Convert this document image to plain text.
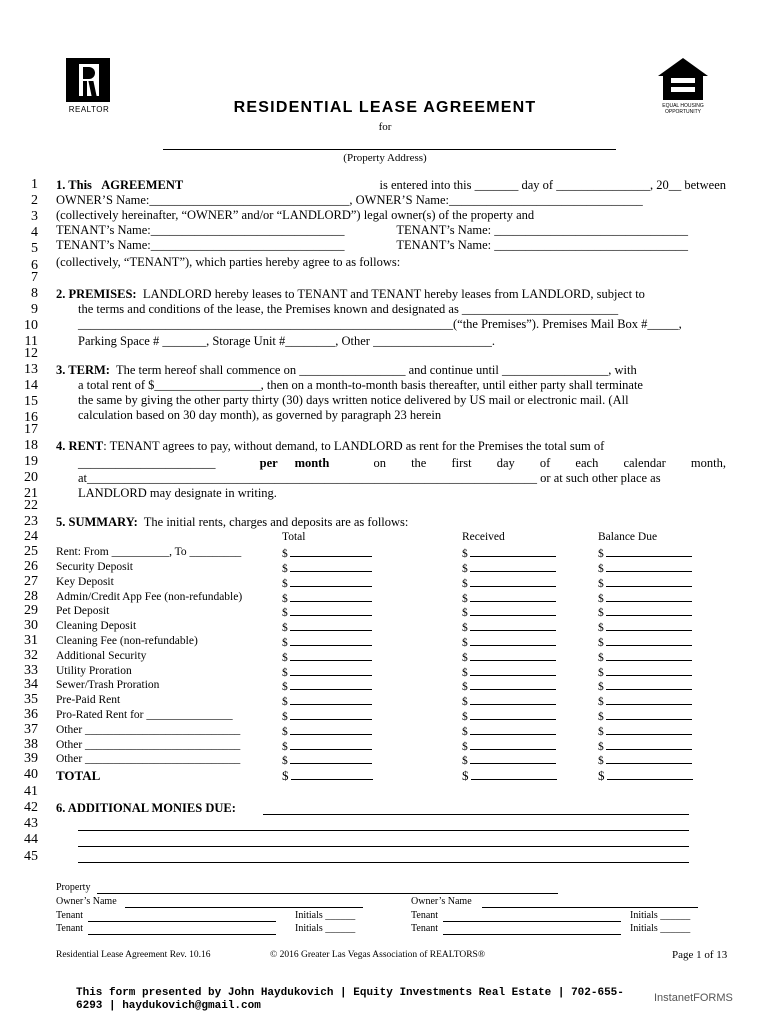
REALTOR	EQUAL HOUSING OPPORTUNITY
RESIDENTIAL LEASE AGREEMENT
for
(Property Address)
1
2
3
4
5
6
7
8
9
10
11
12
13
14
15
16
17
18
19
20
21
22
23
24
25
26
27
28
29
30
31
32
33
34
35
36
37
38
39
40
41
42
43
44
45
1. This AGREEMENT	is entered into this _______ day of _______________, 20__ between
OWNER’S Name:________________________________, OWNER’S Name:_______________________________
(collectively hereinafter, “OWNER” and/or “LANDLORD”) legal owner(s) of the property and
TENANT’s Name:_______________________________	TENANT’s Name: _______________________________
TENANT’s Name:_______________________________	TENANT’s Name: _______________________________
(collectively, “TENANT”), which parties hereby agree to as follows:
2. PREMISES: LANDLORD hereby leases to TENANT and TENANT hereby leases from LANDLORD, subject to
the terms and conditions of the lease, the Premises known and designated as _________________________
____________________________________________________________(“the Premises”). Premises Mail Box #_____,
Parking Space # _______, Storage Unit #________, Other ___________________.
3. TERM: The term hereof shall commence on _________________ and continue until _________________, with
a total rent of $_________________, then on a month-to-month basis thereafter, until either party shall terminate
the same by giving the other party thirty (30) days written notice delivered by US mail or electronic mail. (All
calculation based on 30 day month), as governed by paragraph 23 herein
4. RENT: TENANT agrees to pay, without demand, to LANDLORD as rent for the Premises the total sum of
______________________	per month	on the first day of each calendar month,
at________________________________________________________________________ or at such other place as
LANDLORD may designate in writing.
5. SUMMARY: The initial rents, charges and deposits are as follows:
Total	Received	Balance Due
Rent: From __________, To _________	$	$	$
Security Deposit	$	$	$
Key Deposit	$	$	$
Admin/Credit App Fee (non-refundable)	$	$	$
Pet Deposit	$	$	$
Cleaning Deposit	$	$	$
Cleaning Fee (non-refundable)	$	$	$
Additional Security	$	$	$
Utility Proration	$	$	$
Sewer/Trash Proration	$	$	$
Pre-Paid Rent	$	$	$
Pro-Rated Rent for _______________	$	$	$
Other ___________________________	$	$	$
Other ___________________________	$	$	$
Other ___________________________	$	$	$
TOTAL	$	$	$
6. ADDITIONAL MONIES DUE:
Property
Owner’s Name	Owner’s Name
Tenant	Initials ______	Tenant	Initials ______
Tenant	Initials ______	Tenant	Initials ______
Residential Lease Agreement Rev. 10.16	© 2016 Greater Las Vegas Association of REALTORS®	Page 1 of 13
This form presented by John Haydukovich | Equity Investments Real Estate | 702-655-
6293 | haydukovich@gmail.com
InstanetFORMS
